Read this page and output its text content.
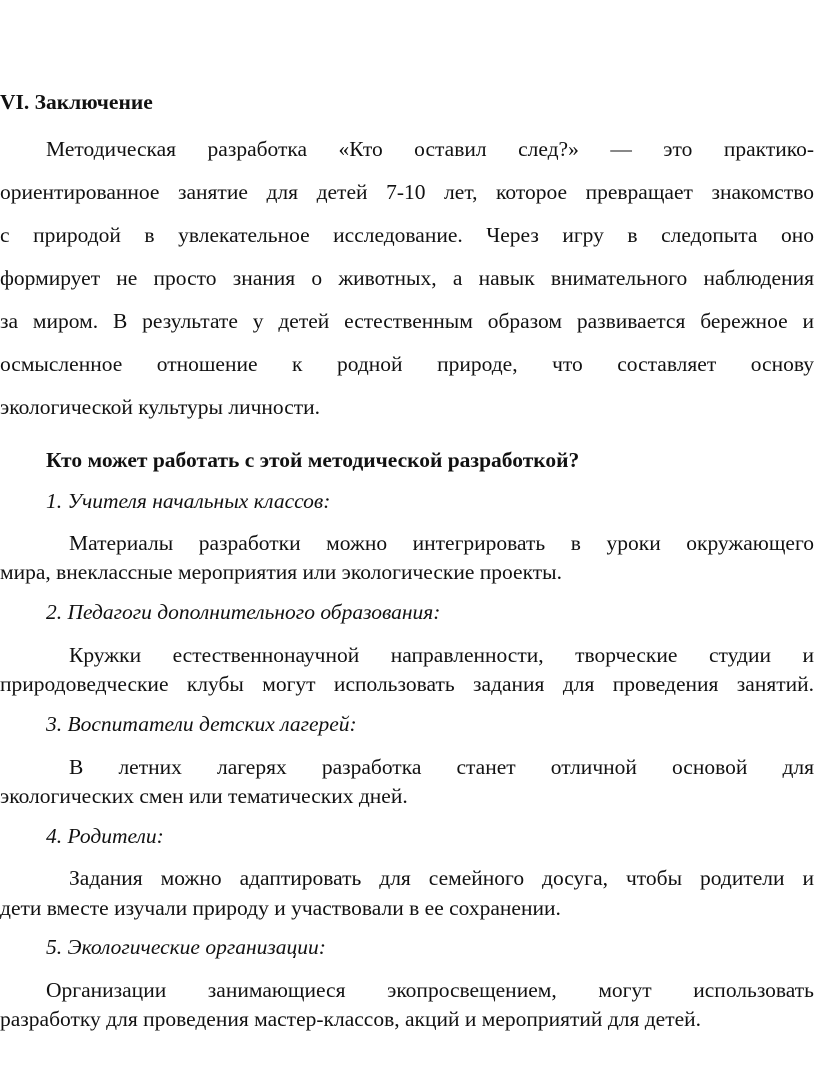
VI. Заключение
Методическая разработка «Кто оставил след?» — это практико-
ориентированное занятие для детей 7-10 лет, которое превращает знакомство
с природой в увлекательное исследование. Через игру в следопыта оно
формирует не просто знания о животных, а навык внимательного наблюдения
за миром. В результате у детей естественным образом развивается бережное и
осмысленное отношение к родной природе, что составляет основу
экологической культуры личности.
Кто может работать с этой методической разработкой?
1. Учителя начальных классов:
Материалы разработки можно интегрировать в уроки окружающего
мира, внеклассные мероприятия или экологические проекты.
2. Педагоги дополнительного образования:
Кружки естественнонаучной направленности, творческие студии и
природоведческие клубы могут использовать задания для проведения занятий.
3. Воспитатели детских лагерей:
В летних лагерях разработка станет отличной основой для
экологических смен или тематических дней.
4. Родители:
Задания можно адаптировать для семейного досуга, чтобы родители и
дети вместе изучали природу и участвовали в ее сохранении.
5. Экологические организации:
Организации занимающиеся экопросвещением, могут использовать
разработку для проведения мастер-классов, акций и мероприятий для детей.
